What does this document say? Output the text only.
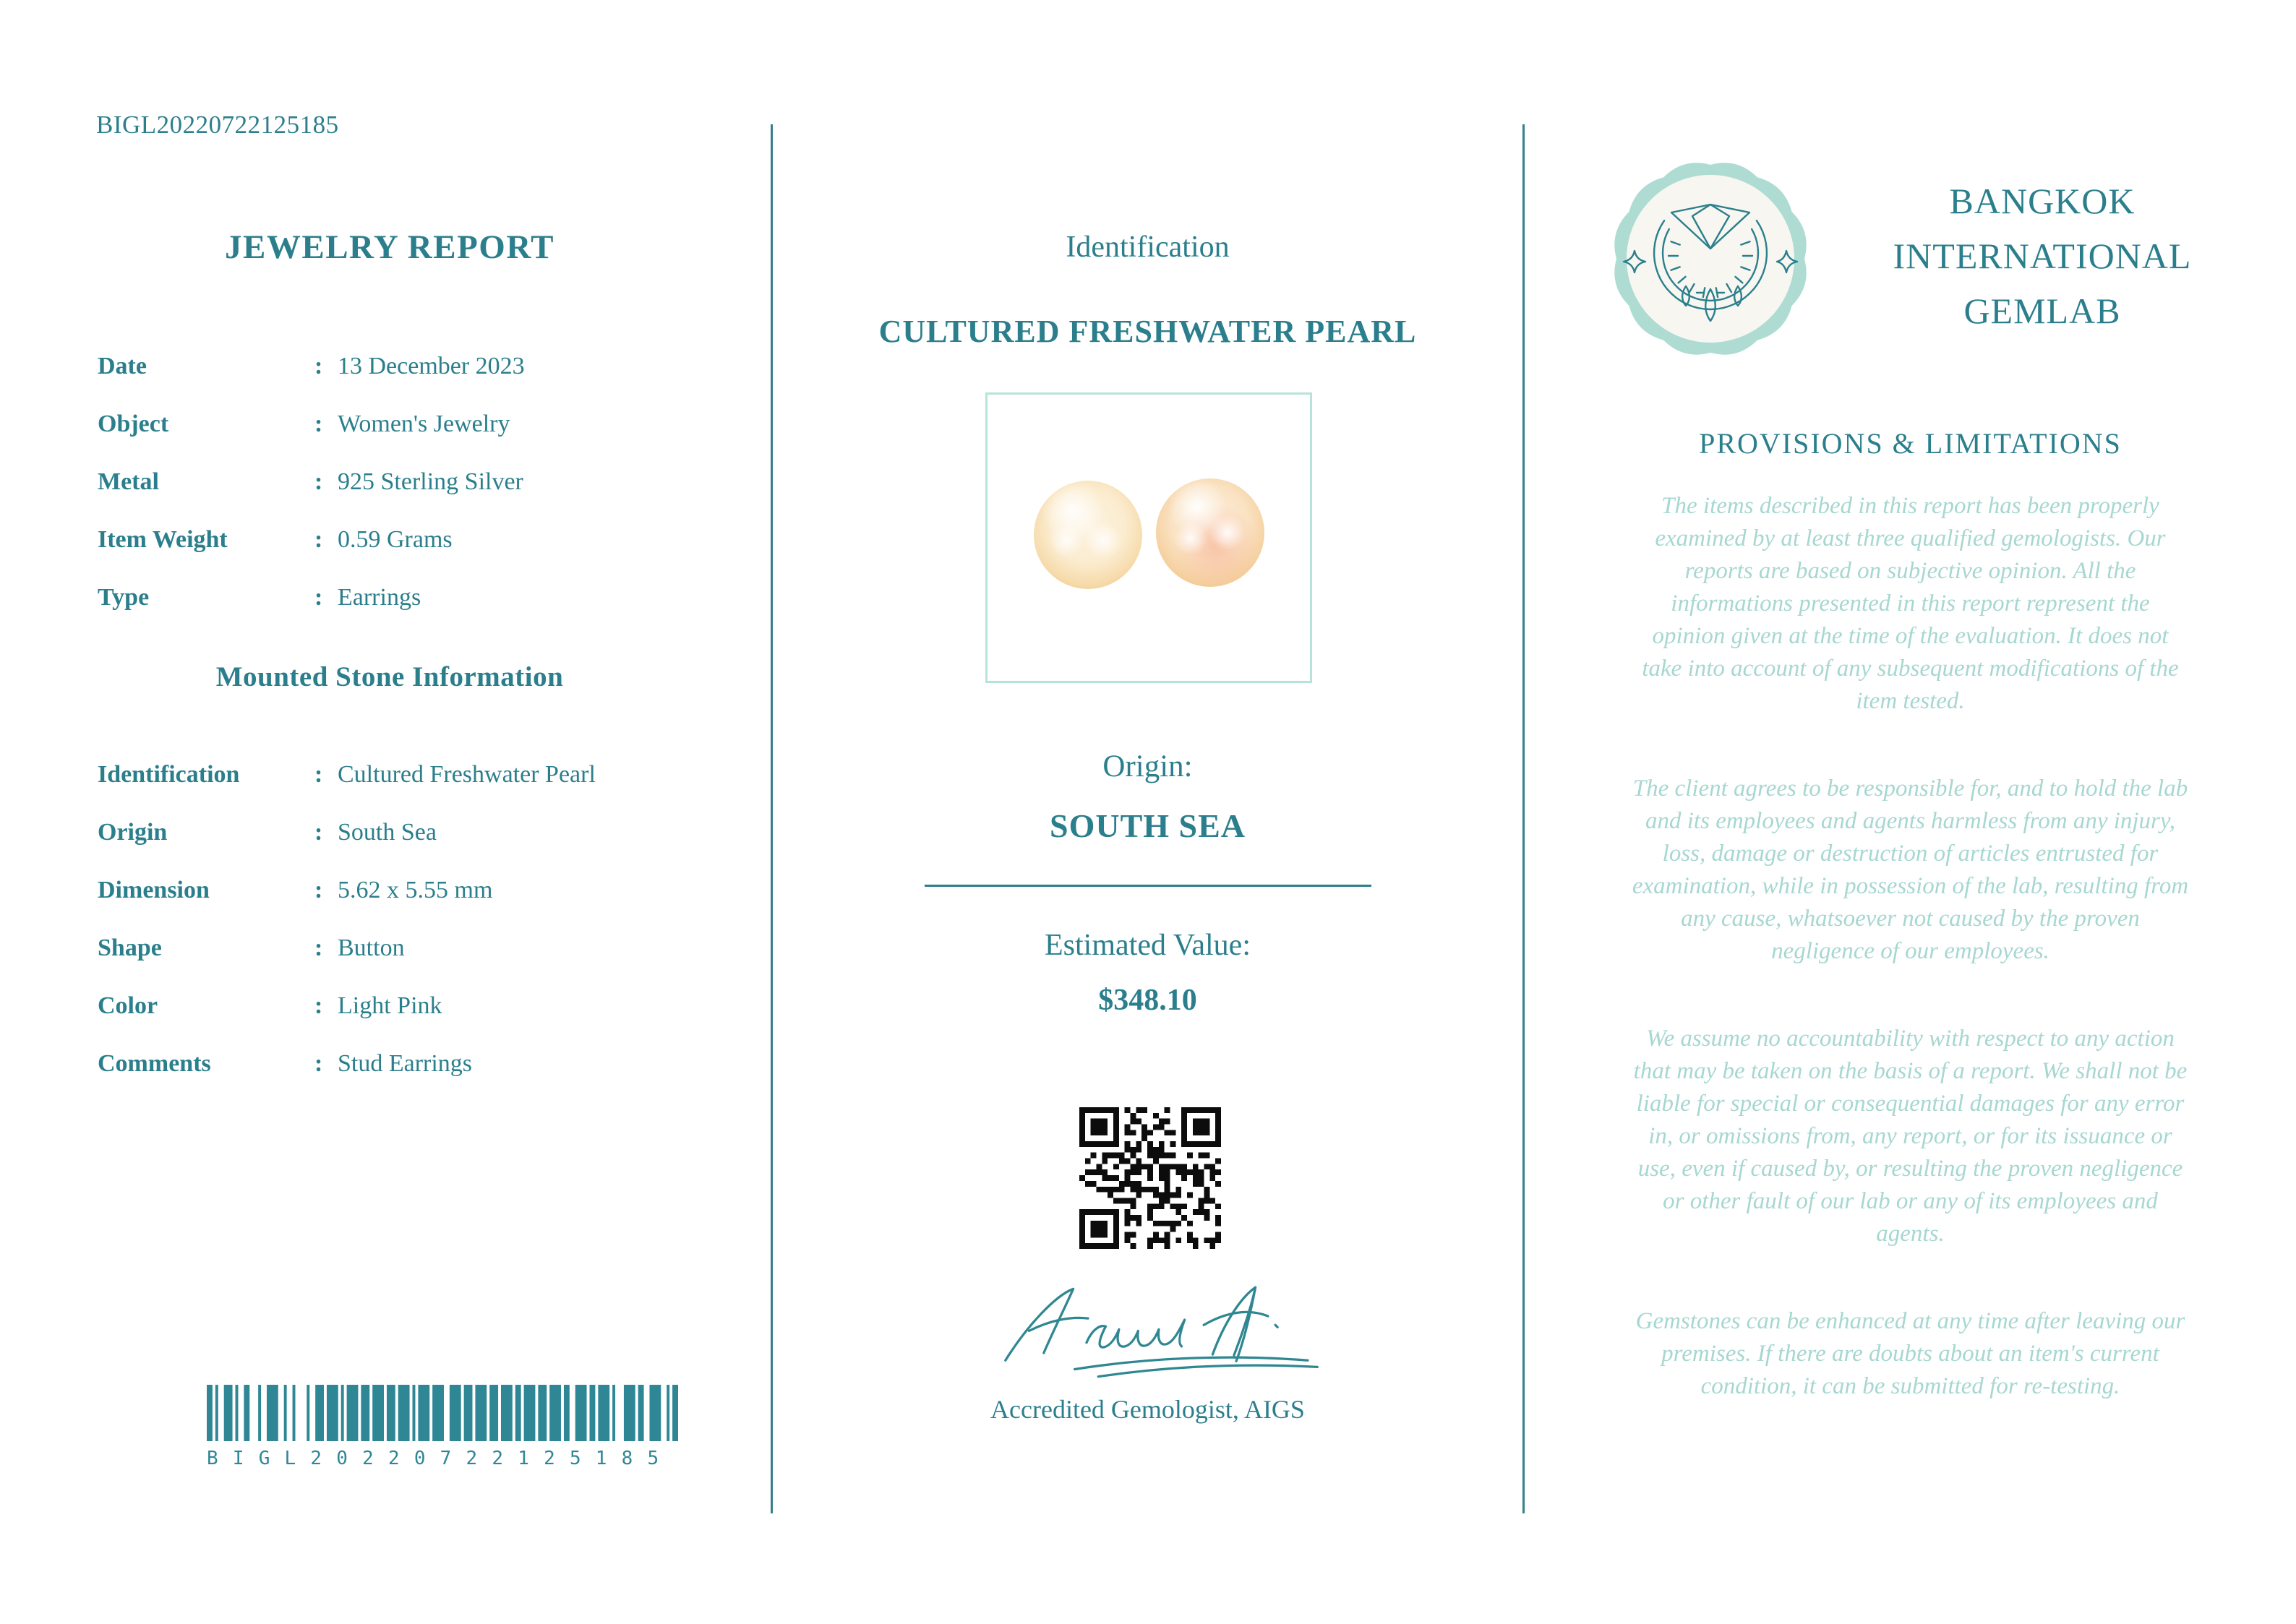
BIGL20220722125185
JEWELRY REPORT
Date :	13 December 2023
Object :	Women's Jewelry
Metal :	925 Sterling Silver
Item Weight :	0.59 Grams
Type :	Earrings
Mounted Stone Information
Identification :	Cultured Freshwater Pearl
Origin :	South Sea
Dimension :	5.62 x 5.55 mm
Shape :	Button
Color :	Light Pink
Comments :	Stud Earrings
BIGL20220722125185
Identification
CULTURED FRESHWATER PEARL
Origin:
SOUTH SEA
Estimated Value:
$348.10
Accredited Gemologist, AIGS
BANGKOK
INTERNATIONAL
GEMLAB
PROVISIONS & LIMITATIONS

The items described in this report has been properly examined by at least three qualified gemologists. Our reports are based on subjective opinion. All the informations presented in this report represent the opinion given at the time of the evaluation. It does not take into account of any subsequent modifications of the item tested.

The client agrees to be responsible for, and to hold the lab and its employees and agents harmless from any injury, loss, damage or destruction of articles entrusted for examination, while in possession of the lab, resulting from any cause, whatsoever not caused by the proven negligence of our employees.

We assume no accountability with respect to any action that may be taken on the basis of a report. We shall not be liable for special or consequential damages for any error in, or omissions from, any report, or for its issuance or use, even if caused by, or resulting the proven negligence or other fault of our lab or any of its employees and agents.

Gemstones can be enhanced at any time after leaving our premises. If there are doubts about an item's current condition, it can be submitted for re-testing.
